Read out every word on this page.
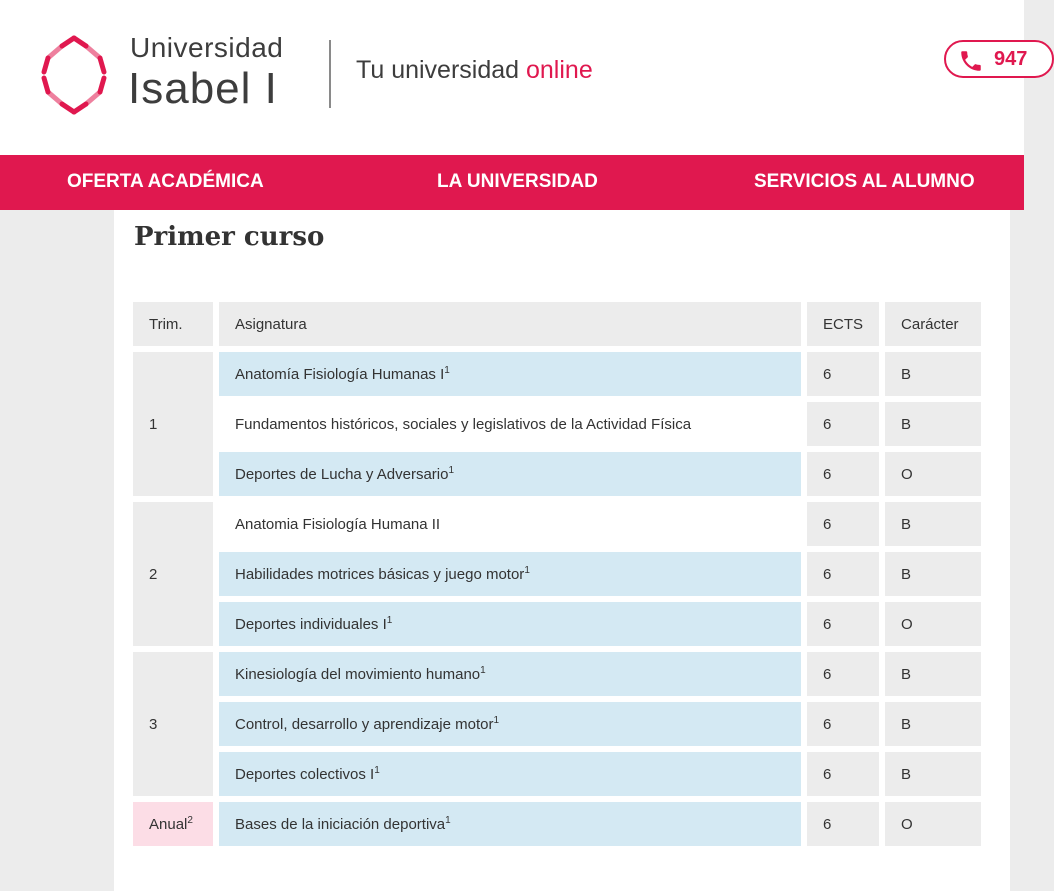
Universidad
Isabel I	Tu universidad online	947
OFERTA ACADÉMICA	LA UNIVERSIDAD	SERVICIOS AL ALUMNO
Primer curso
Trim.	Asignatura	ECTS	Carácter
1	Anatomía Fisiología Humanas $I^1$	6	B
	Fundamentos históricos, sociales y legislativos de la Actividad Física	6	B
	Deportes de Lucha y Adversario$^1$	6	O
2	Anatomia Fisiología Humana II	6	B
	Habilidades motrices básicas y juego motor$^1$	6	B
	Deportes individuales $I^1$	6	O
3	Kinesiología del movimiento humano$^1$	6	B
	Control, desarrollo y aprendizaje motor$^1$	6	B
	Deportes colectivos $I^1$	6	B
Anual$^2$	Bases de la iniciación deportiva$^1$	6	O
